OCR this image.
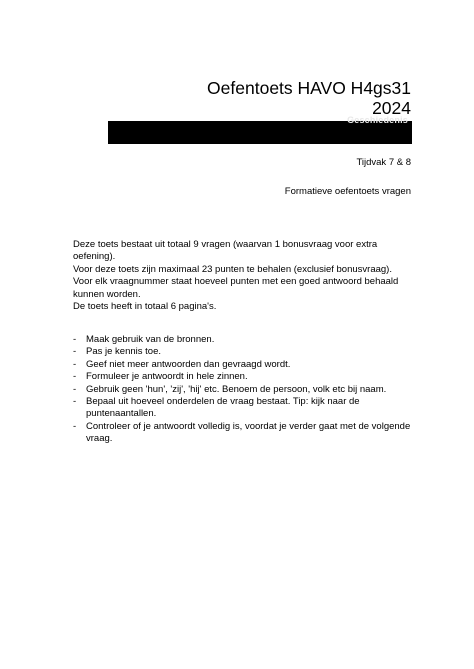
Oefentoets HAVO H4gs31
2024
Geschiedenis
Tijdvak 7 & 8
Formatieve oefentoets vragen

Deze toets bestaat uit totaal 9 vragen (waarvan 1 bonusvraag voor extra oefening).

Voor deze toets zijn maximaal 23 punten te behalen (exclusief bonusvraag).

Voor elk vraagnummer staat hoeveel punten met een goed antwoord behaald kunnen worden.

De toets heeft in totaal 6 pagina's.

- Maak gebruik van de bronnen.
- Pas je kennis toe.
- Geef niet meer antwoorden dan gevraagd wordt.
- Formuleer je antwoordt in hele zinnen.
- Gebruik geen 'hun', 'zij', 'hij' etc. Benoem de persoon, volk etc bij naam.
- Bepaal uit hoeveel onderdelen de vraag bestaat. Tip: kijk naar de puntenaantallen.
- Controleer of je antwoordt volledig is, voordat je verder gaat met de volgende vraag.
